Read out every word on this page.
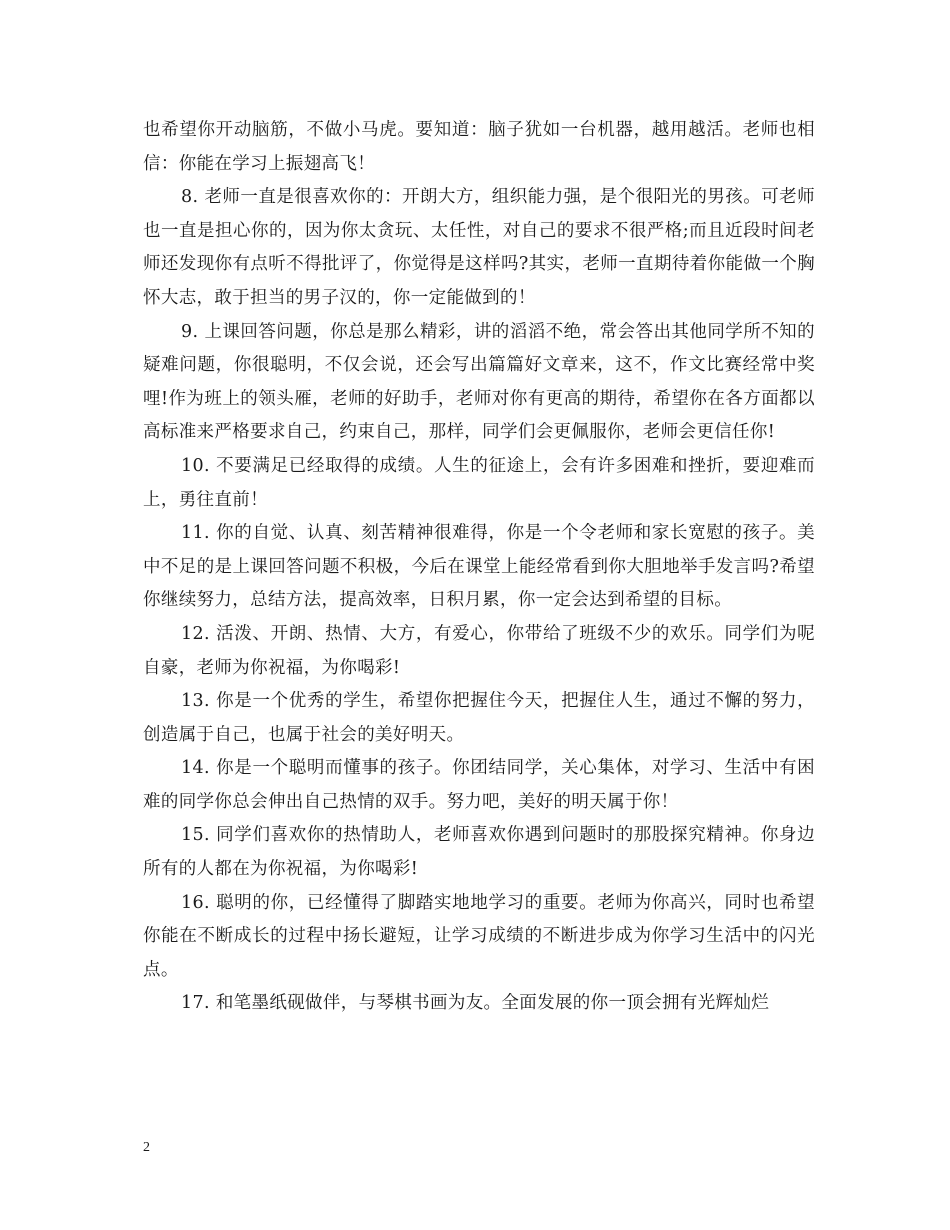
也希望你开动脑筋，不做小马虎。要知道：脑子犹如一台机器，越用越活。老师也相信：你能在学习上振翅高飞！

8. 老师一直是很喜欢你的：开朗大方，组织能力强，是个很阳光的男孩。可老师也一直是担心你的，因为你太贪玩、太任性，对自己的要求不很严格;而且近段时间老师还发现你有点听不得批评了，你觉得是这样吗?其实，老师一直期待着你能做一个胸怀大志，敢于担当的男子汉的，你一定能做到的！

9. 上课回答问题，你总是那么精彩，讲的滔滔不绝，常会答出其他同学所不知的疑难问题，你很聪明，不仅会说，还会写出篇篇好文章来，这不，作文比赛经常中奖哩!作为班上的领头雁，老师的好助手，老师对你有更高的期待，希望你在各方面都以高标准来严格要求自己，约束自己，那样，同学们会更佩服你，老师会更信任你!

10. 不要满足已经取得的成绩。人生的征途上，会有许多困难和挫折，要迎难而上，勇往直前！

11. 你的自觉、认真、刻苦精神很难得，你是一个令老师和家长宽慰的孩子。美中不足的是上课回答问题不积极，今后在课堂上能经常看到你大胆地举手发言吗?希望你继续努力，总结方法，提高效率，日积月累，你一定会达到希望的目标。

12. 活泼、开朗、热情、大方，有爱心，你带给了班级不少的欢乐。同学们为呢自豪，老师为你祝福，为你喝彩!

13. 你是一个优秀的学生，希望你把握住今天，把握住人生，通过不懈的努力，创造属于自己，也属于社会的美好明天。

14. 你是一个聪明而懂事的孩子。你团结同学，关心集体，对学习、生活中有困难的同学你总会伸出自己热情的双手。努力吧，美好的明天属于你！

15. 同学们喜欢你的热情助人，老师喜欢你遇到问题时的那股探究精神。你身边所有的人都在为你祝福，为你喝彩!

16. 聪明的你，已经懂得了脚踏实地地学习的重要。老师为你高兴，同时也希望你能在不断成长的过程中扬长避短，让学习成绩的不断进步成为你学习生活中的闪光点。

17. 和笔墨纸砚做伴，与琴棋书画为友。全面发展的你一顶会拥有光辉灿烂

2
